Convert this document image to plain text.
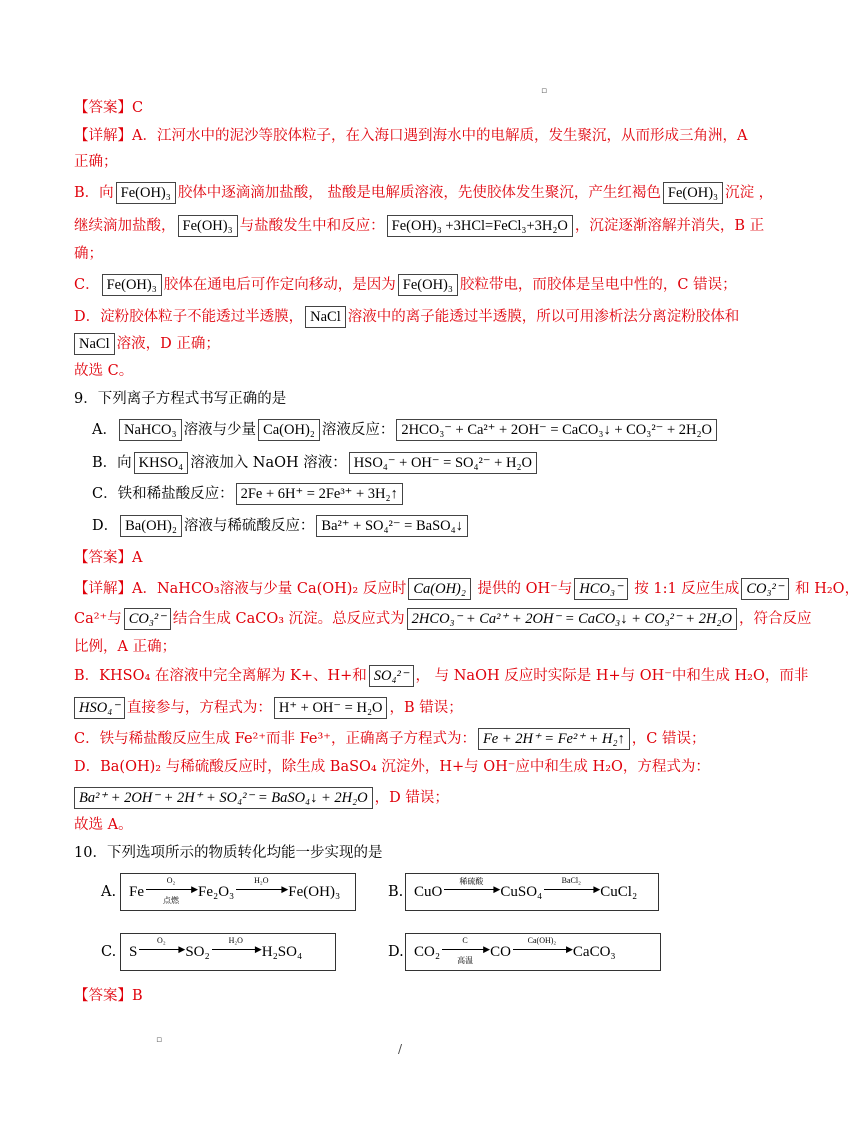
▫
【答案】C
【详解】A．江河水中的泥沙等胶体粒子，在入海口遇到海水中的电解质，发生聚沉，从而形成三角洲，A
正确；
B．向 Fe(OH)₃ 胶体中逐滴滴加盐酸， 盐酸是电解质溶液，先使胶体发生聚沉，产生红褐色 Fe(OH)₃ 沉淀 ，
继续滴加盐酸， Fe(OH)₃ 与盐酸发生中和反应： Fe(OH)₃ +3HCl=FeCl₃+3H₂O ，沉淀逐渐溶解并消失，B 正
确；
C． Fe(OH)₃ 胶体在通电后可作定向移动，是因为 Fe(OH)₃ 胶粒带电，而胶体是呈电中性的，C 错误；
D．淀粉胶体粒子不能透过半透膜， NaCl 溶液中的离子能透过半透膜，所以可用渗析法分离淀粉胶体和
NaCl 溶液，D 正确；
故选 C。
9．下列离子方程式书写正确的是
A． NaHCO₃ 溶液与少量 Ca(OH)₂ 溶液反应： 2HCO₃⁻ + Ca²⁺ + 2OH⁻ = CaCO₃↓ + CO₃²⁻ + 2H₂O
B．向 KHSO₄ 溶液加入 NaOH 溶液： HSO₄⁻ + OH⁻ = SO₄²⁻ + H₂O
C．铁和稀盐酸反应： 2Fe + 6H⁺ = 2Fe³⁺ + 3H₂↑
D． Ba(OH)₂ 溶液与稀硫酸反应： Ba²⁺ + SO₄²⁻ = BaSO₄↓
【答案】A
【详解】A．NaHCO₃溶液与少量 Ca(OH)₂ 反应时 Ca(OH)₂ 提供的 OH⁻与 HCO₃⁻ 按 1:1 反应生成 CO₃²⁻ 和 H₂O，
Ca²⁺与 CO₃²⁻ 结合生成 CaCO₃ 沉淀。总反应式为 2HCO₃⁻ + Ca²⁺ + 2OH⁻ = CaCO₃↓ + CO₃²⁻ + 2H₂O ，符合反应
比例，A 正确；
B．KHSO₄ 在溶液中完全离解为 K+、H+和 SO₄²⁻ ， 与 NaOH 反应时实际是 H+与 OH⁻中和生成 H₂O，而非
HSO₄⁻ 直接参与，方程式为： H⁺ + OH⁻ = H₂O ，B 错误；
C．铁与稀盐酸反应生成 Fe²⁺而非 Fe³⁺，正确离子方程式为： Fe + 2H⁺ = Fe²⁺ + H₂↑ ，C 错误；
D．Ba(OH)₂ 与稀硫酸反应时，除生成 BaSO₄ 沉淀外，H+与 OH⁻应中和生成 H₂O，方程式为：
Ba²⁺ + 2OH⁻ + 2H⁺ + SO₄²⁻ = BaSO₄↓ + 2H₂O ，D 错误；
故选 A。
10．下列选项所示的物质转化均能一步实现的是
A. Fe
O₂
▶
点燃
Fe₂O₃
H₂O
▶ Fe(OH)₃	B. CuO
稀硫酸
▶ CuSO₄
BaCl₂
▶ CuCl₂
C. S
O₂
▶ SO₂
H₂O
▶ H₂SO₄	D. CO₂
C
▶
高温
CO
Ca(OH)₂
▶ CaCO₃
【答案】B
▫
/
